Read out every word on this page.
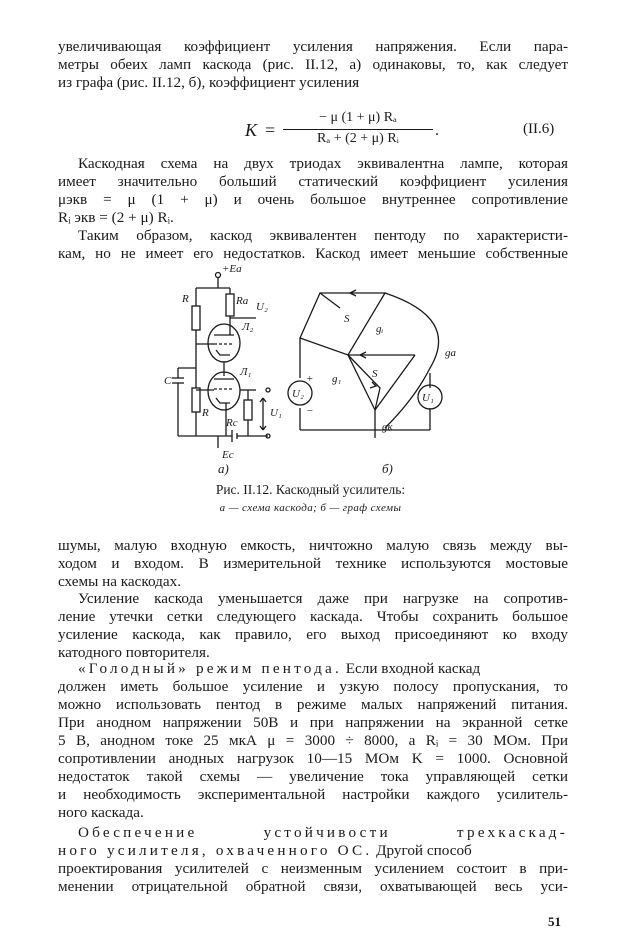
увеличивающая коэффициент усиления напряжения. Если пара-
метры обеих ламп каскода (рис. II.12, а) одинаковы, то, как следует
из графа (рис. II.12, б), коэффициент усиления
K =
− μ (1 + μ) Rₐ
Rₐ + (2 + μ) Rᵢ	.	(II.6)
Каскодная схема на двух триодах эквивалентна лампе, которая
имеет значительно больший статический коэффициент усиления
μэкв = μ (1 + μ) и очень большое внутреннее сопротивление
Rᵢ экв = (2 + μ) Rᵢ.
Таким образом, каскод эквивалентен пентоду по характеристи-
кам, но не имеет его недостатков. Каскод имеет меньшие собственные
+Eа
R	Rа U₂
Л₂
C
Л₁
R
Rс
U₁
Eс
S
gᵢ
gа
g₁	S
gк
U₂	U₁
+
−
а)	б)
Рис. II.12. Каскодный усилитель:
а — схема каскода; б — граф схемы
шумы, малую входную емкость, ничтожно малую связь между вы-
ходом и входом. В измерительной технике используются мостовые
схемы на каскодах.
Усиление каскода уменьшается даже при нагрузке на сопротив-
ление утечки сетки следующего каскада. Чтобы сохранить большое
усиление каскода, как правило, его выход присоединяют ко входу
катодного повторителя.
«Голодный» режим пентода. Если входной каскад
должен иметь большое усиление и узкую полосу пропускания, то
можно использовать пентод в режиме малых напряжений питания.
При анодном напряжении 50В и при напряжении на экранной сетке
5 В, анодном токе 25 мкА μ = 3000 ÷ 8000, а Rᵢ = 30 МОм. При
сопротивлении анодных нагрузок 10—15 МОм K = 1000. Основной
недостаток такой схемы — увеличение тока управляющей сетки
и необходимость экспериментальной настройки каждого усилитель-
ного каскада.
Обеспечение устойчивости трехкаскад-
ного усилителя, охваченного ОС. Другой способ
проектирования усилителей с неизменным усилением состоит в при-
менении отрицательной обратной связи, охватывающей весь уси-
51
